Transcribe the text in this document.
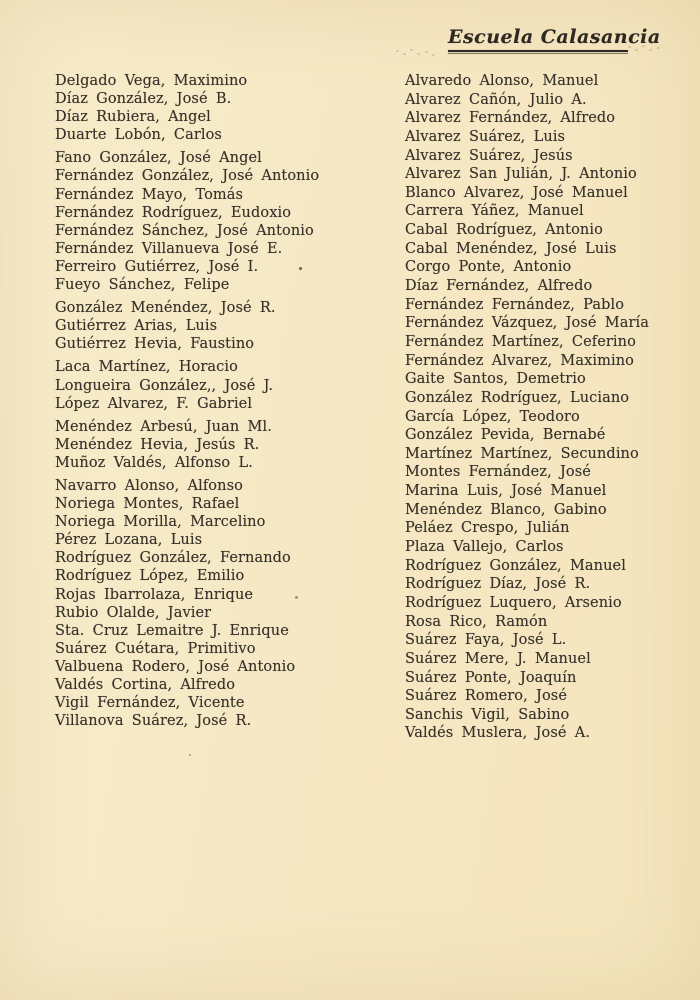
Escuela Calasancia
Delgado Vega, Maximino
Díaz González, José B.
Díaz Rubiera, Angel
Duarte Lobón, Carlos
Fano González, José Angel
Fernández González, José Antonio
Fernández Mayo, Tomás
Fernández Rodríguez, Eudoxio
Fernández Sánchez, José Antonio
Fernández Villanueva José E.
Ferreiro Gutiérrez, José I.
Fueyo Sánchez, Felipe
González Menéndez, José R.
Gutiérrez Arias, Luis
Gutiérrez Hevia, Faustino
Laca Martínez, Horacio
Longueira González,, José J.
López Alvarez, F. Gabriel
Menéndez Arbesú, Juan Ml.
Menéndez Hevia, Jesús R.
Muñoz Valdés, Alfonso L.
Navarro Alonso, Alfonso
Noriega Montes, Rafael
Noriega Morilla, Marcelino
Pérez Lozana, Luis
Rodríguez González, Fernando
Rodríguez López, Emilio
Rojas Ibarrolaza, Enrique
Rubio Olalde, Javier
Sta. Cruz Lemaitre J. Enrique
Suárez Cuétara, Primitivo
Valbuena Rodero, José Antonio
Valdés Cortina, Alfredo
Vigil Fernández, Vicente
Villanova Suárez, José R.
Alvaredo Alonso, Manuel
Alvarez Cañón, Julio A.
Alvarez Fernández, Alfredo
Alvarez Suárez, Luis
Alvarez Suárez, Jesús
Alvarez San Julián, J. Antonio
Blanco Alvarez, José Manuel
Carrera Yáñez, Manuel
Cabal Rodríguez, Antonio
Cabal Menéndez, José Luis
Corgo Ponte, Antonio
Díaz Fernández, Alfredo
Fernández Fernández, Pablo
Fernández Vázquez, José María
Fernández Martínez, Ceferino
Fernández Alvarez, Maximino
Gaite Santos, Demetrio
González Rodríguez, Luciano
García López, Teodoro
González Pevida, Bernabé
Martínez Martínez, Secundino
Montes Fernández, José
Marina Luis, José Manuel
Menéndez Blanco, Gabino
Peláez Crespo, Julián
Plaza Vallejo, Carlos
Rodríguez González, Manuel
Rodríguez Díaz, José R.
Rodríguez Luquero, Arsenio
Rosa Rico, Ramón
Suárez Faya, José L.
Suárez Mere, J. Manuel
Suárez Ponte, Joaquín
Suárez Romero, José
Sanchis Vigil, Sabino
Valdés Muslera, José A.
